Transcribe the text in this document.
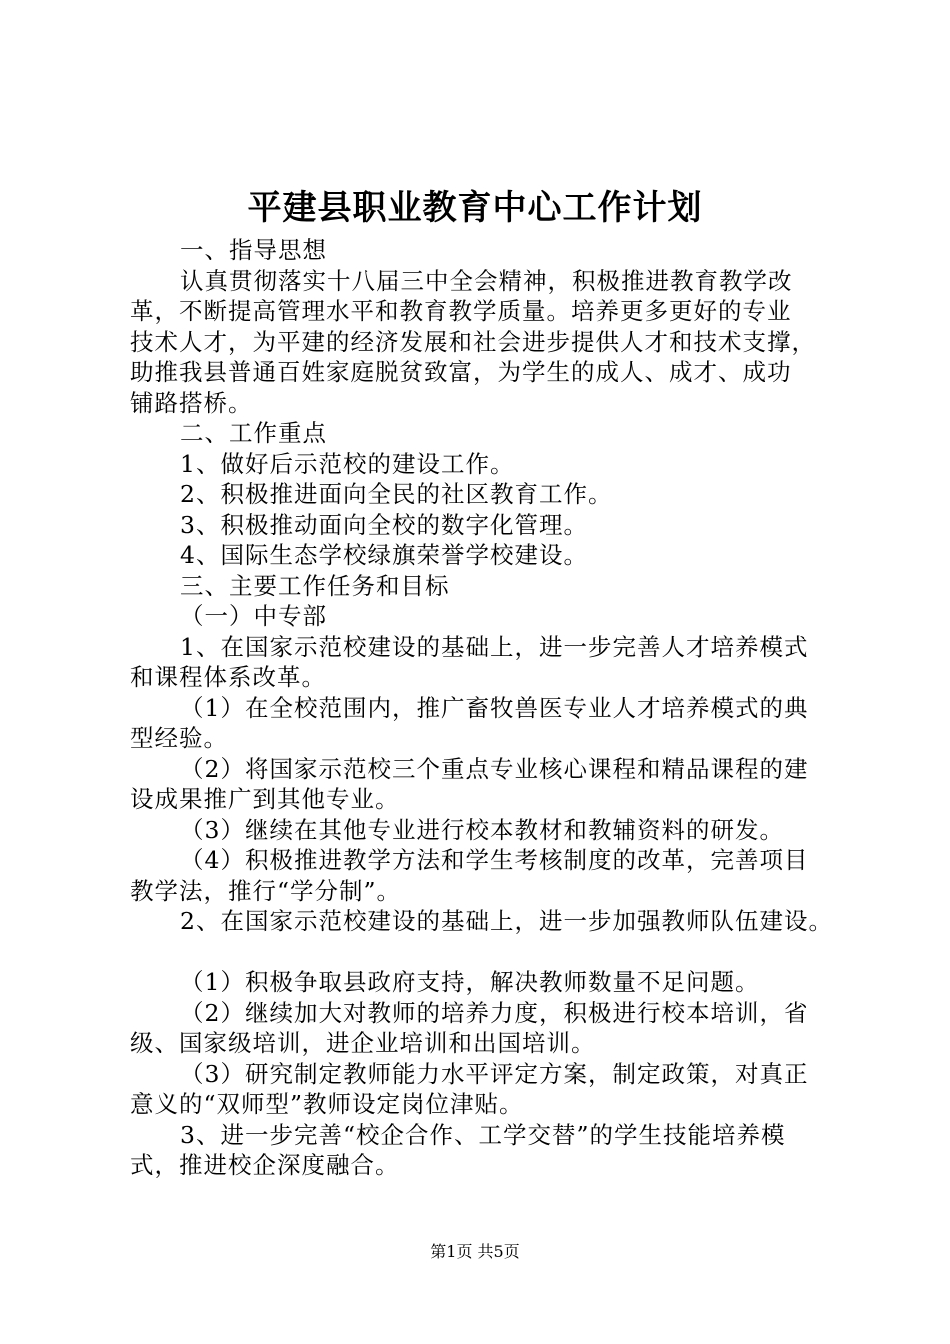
平建县职业教育中心工作计划

一、指导思想

认真贯彻落实十八届三中全会精神，积极推进教育教学改

革，不断提高管理水平和教育教学质量。培养更多更好的专业

技术人才，为平建的经济发展和社会进步提供人才和技术支撑，

助推我县普通百姓家庭脱贫致富，为学生的成人、成才、成功

铺路搭桥。

二、工作重点

1、做好后示范校的建设工作。

2、积极推进面向全民的社区教育工作。

3、积极推动面向全校的数字化管理。

4、国际生态学校绿旗荣誉学校建设。

三、主要工作任务和目标

（一）中专部

1、在国家示范校建设的基础上，进一步完善人才培养模式

和课程体系改革。

（1）在全校范围内，推广畜牧兽医专业人才培养模式的典

型经验。

（2）将国家示范校三个重点专业核心课程和精品课程的建

设成果推广到其他专业。

（3）继续在其他专业进行校本教材和教辅资料的研发。

（4）积极推进教学方法和学生考核制度的改革，完善项目

教学法，推行“学分制”。

2、在国家示范校建设的基础上，进一步加强教师队伍建设。

（1）积极争取县政府支持，解决教师数量不足问题。

（2）继续加大对教师的培养力度，积极进行校本培训，省

级、国家级培训，进企业培训和出国培训。

（3）研究制定教师能力水平评定方案，制定政策，对真正

意义的“双师型”教师设定岗位津贴。

3、进一步完善“校企合作、工学交替”的学生技能培养模

式，推进校企深度融合。

第1页 共5页
